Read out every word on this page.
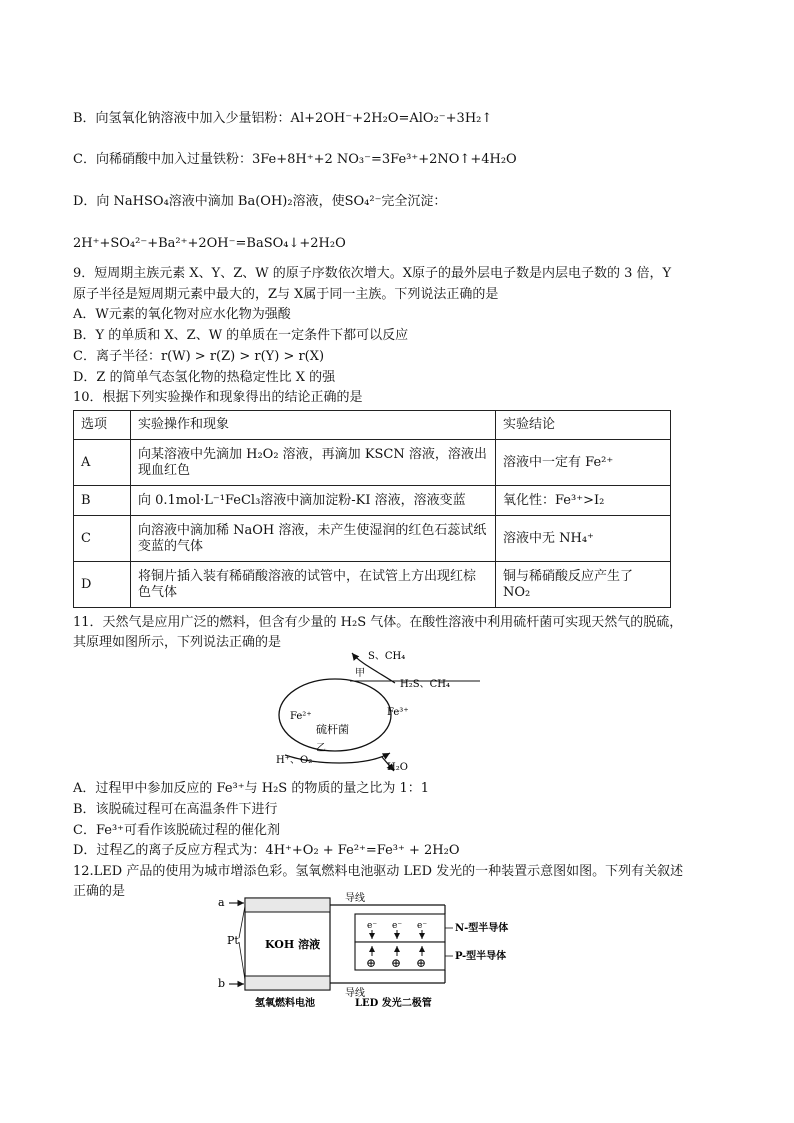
B．向氢氧化钠溶液中加入少量铝粉：Al+2OH⁻+2H₂O=AlO₂⁻+3H₂↑
C．向稀硝酸中加入过量铁粉：3Fe+8H⁺+2 NO₃⁻=3Fe³⁺+2NO↑+4H₂O
D．向 NaHSO₄溶液中滴加 Ba(OH)₂溶液，使SO₄²⁻完全沉淀：
2H⁺+SO₄²⁻+Ba²⁺+2OH⁻=BaSO₄↓+2H₂O
9．短周期主族元素 X、Y、Z、W 的原子序数依次增大。X原子的最外层电子数是内层电子数的 3 倍，Y
原子半径是短周期元素中最大的，Z与 X属于同一主族。下列说法正确的是
A．W元素的氧化物对应水化物为强酸
B．Y 的单质和 X、Z、W 的单质在一定条件下都可以反应
C．离子半径：r(W) > r(Z) > r(Y) > r(X)
D．Z 的简单气态氢化物的热稳定性比 X 的强
10．根据下列实验操作和现象得出的结论正确的是
选项	实验操作和现象	实验结论
A	向某溶液中先滴加 H₂O₂ 溶液，再滴加 KSCN 溶液，溶液出现血红色	溶液中一定有 Fe²⁺
B	向 0.1mol·L⁻¹FeCl₃溶液中滴加淀粉-KI 溶液，溶液变蓝	氧化性：Fe³⁺>I₂
C	向溶液中滴加稀 NaOH 溶液，未产生使湿润的红色石蕊试纸变蓝的气体	溶液中无 NH₄⁺
D	将铜片插入装有稀硝酸溶液的试管中，在试管上方出现红棕色气体	铜与稀硝酸反应产生了 NO₂
11．天然气是应用广泛的燃料，但含有少量的 H₂S 气体。在酸性溶液中利用硫杆菌可实现天然气的脱硫，
其原理如图所示，下列说法正确的是
S、CH₄
甲
H₂S、CH₄
Fe²⁺	Fe³⁺
硫杆菌
乙
H⁺、O₂
H₂O
A．过程甲中参加反应的 Fe³⁺与 H₂S 的物质的量之比为 1：1
B．该脱硫过程可在高温条件下进行
C．Fe³⁺可看作该脱硫过程的催化剂
D．过程乙的离子反应方程式为：4H⁺+O₂ + Fe²⁺=Fe³⁺ + 2H₂O
12.LED 产品的使用为城市增添色彩。氢氧燃料电池驱动 LED 发光的一种装置示意图如图。下列有关叙述
正确的是
KOH 溶液
a
b
Pt
导线
导线
e⁻ e⁻ e⁻
⊕ ⊕ ⊕
N-型半导体
P-型半导体
氢氧燃料电池	LED 发光二极管
